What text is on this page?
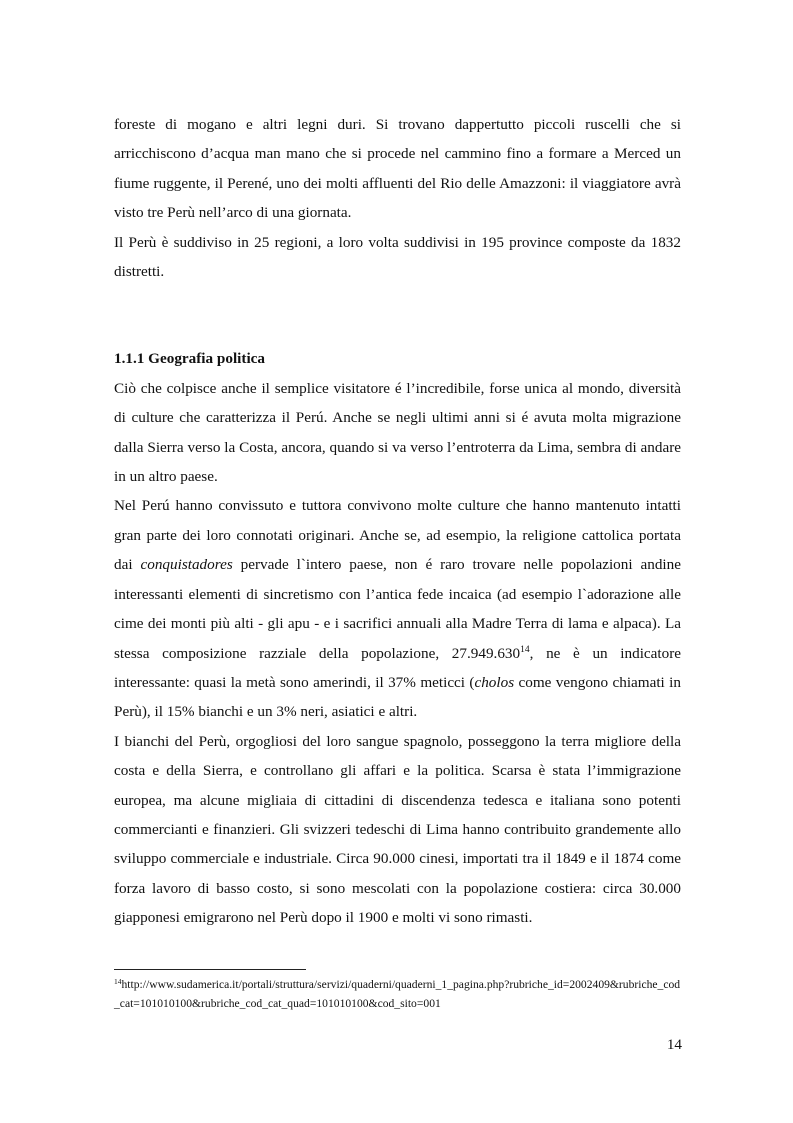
foreste di mogano e altri legni duri. Si trovano dappertutto piccoli ruscelli che si arricchiscono d’acqua man mano che si procede nel cammino fino a formare a Merced un fiume ruggente, il Perené, uno dei molti affluenti del Rio delle Amazzoni: il viaggiatore avrà visto tre Perù nell’arco di una giornata.

Il Perù è suddiviso in 25 regioni, a loro volta suddivisi in 195 province composte da 1832 distretti.

1.1.1 Geografia politica

Ciò che colpisce anche il semplice visitatore é l’incredibile, forse unica al mondo, diversità di culture che caratterizza il Perú. Anche se negli ultimi anni si é avuta molta migrazione dalla Sierra verso la Costa, ancora, quando si va verso l’entroterra da Lima, sembra di andare in un altro paese.

Nel Perú hanno convissuto e tuttora convivono molte culture che hanno mantenuto intatti gran parte dei loro connotati originari. Anche se, ad esempio, la religione cattolica portata dai conquistadores pervade l`intero paese, non é raro trovare nelle popolazioni andine interessanti elementi di sincretismo con l’antica fede incaica (ad esempio l`adorazione alle cime dei monti più alti - gli apu - e i sacrifici annuali alla Madre Terra di lama e alpaca). La stessa composizione razziale della popolazione, 27.949.630$^{14}$, ne è un indicatore interessante: quasi la metà sono amerindi, il 37% meticci (cholos come vengono chiamati in Perù), il 15% bianchi e un 3% neri, asiatici e altri.

I bianchi del Perù, orgogliosi del loro sangue spagnolo, posseggono la terra migliore della costa e della Sierra, e controllano gli affari e la politica. Scarsa è stata l’immigrazione europea, ma alcune migliaia di cittadini di discendenza tedesca e italiana sono potenti commercianti e finanzieri. Gli svizzeri tedeschi di Lima hanno contribuito grandemente allo sviluppo commerciale e industriale. Circa 90.000 cinesi, importati tra il 1849 e il 1874 come forza lavoro di basso costo, si sono mescolati con la popolazione costiera: circa 30.000 giapponesi emigrarono nel Perù dopo il 1900 e molti vi sono rimasti.

$^{14}$http://www.sudamerica.it/portali/struttura/servizi/quaderni/quaderni_1_pagina.php?rubriche_id=2002409&rubriche_cod_cat=101010100&rubriche_cod_cat_quad=101010100&cod_sito=001
14
